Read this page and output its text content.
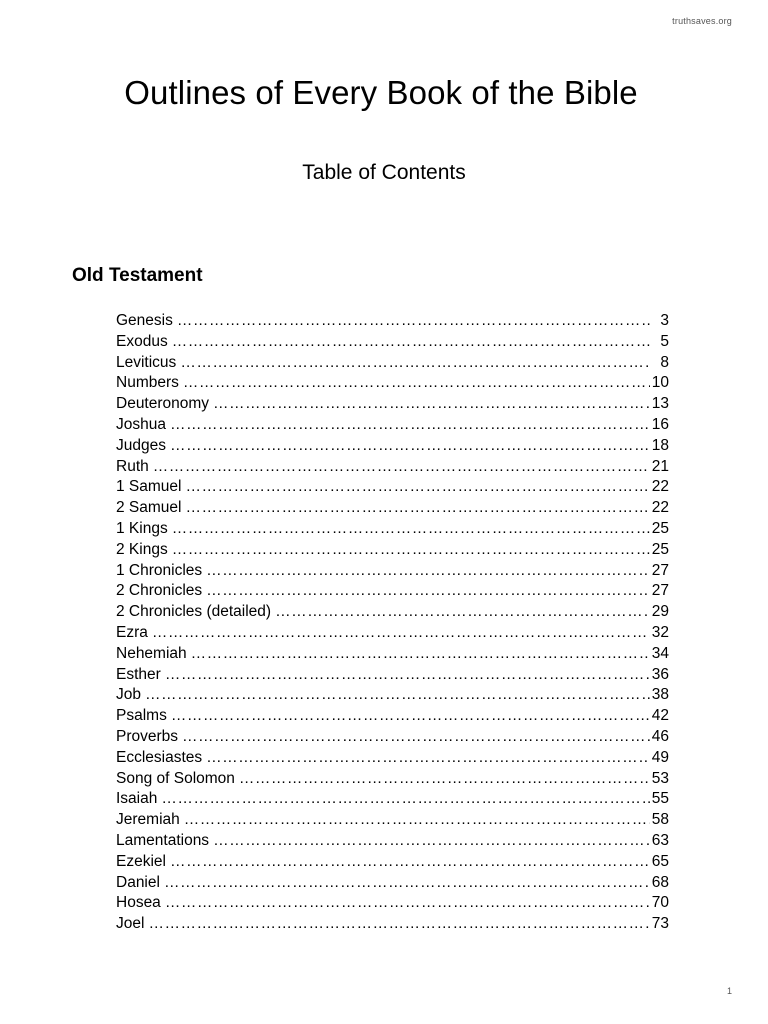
truthsaves.org
Outlines of Every Book of the Bible
Table of Contents
Old Testament
Genesis ………………………………………………………………………………………………………………………………………………	3
Exodus ………………………………………………………………………………………………………………………………………………	5
Leviticus ………………………………………………………………………………………………………………………………………………	8
Numbers ………………………………………………………………………………………………………………………………………………	10
Deuteronomy ………………………………………………………………………………………………………………………………………………	13
Joshua ………………………………………………………………………………………………………………………………………………	16
Judges ………………………………………………………………………………………………………………………………………………	18
Ruth ………………………………………………………………………………………………………………………………………………	21
1 Samuel ………………………………………………………………………………………………………………………………………………	22
2 Samuel ………………………………………………………………………………………………………………………………………………	22
1 Kings ………………………………………………………………………………………………………………………………………………	25
2 Kings ………………………………………………………………………………………………………………………………………………	25
1 Chronicles ………………………………………………………………………………………………………………………………………………	27
2 Chronicles ………………………………………………………………………………………………………………………………………………	27
2 Chronicles (detailed) ………………………………………………………………………………………………………………………………………………	29
Ezra ………………………………………………………………………………………………………………………………………………	32
Nehemiah ………………………………………………………………………………………………………………………………………………	34
Esther ………………………………………………………………………………………………………………………………………………	36
Job ………………………………………………………………………………………………………………………………………………	38
Psalms ………………………………………………………………………………………………………………………………………………	42
Proverbs ………………………………………………………………………………………………………………………………………………	46
Ecclesiastes ………………………………………………………………………………………………………………………………………………	49
Song of Solomon ………………………………………………………………………………………………………………………………………………	53
Isaiah ………………………………………………………………………………………………………………………………………………	55
Jeremiah ………………………………………………………………………………………………………………………………………………	58
Lamentations ………………………………………………………………………………………………………………………………………………	63
Ezekiel ………………………………………………………………………………………………………………………………………………	65
Daniel ………………………………………………………………………………………………………………………………………………	68
Hosea ………………………………………………………………………………………………………………………………………………	70
Joel ………………………………………………………………………………………………………………………………………………	73
1
